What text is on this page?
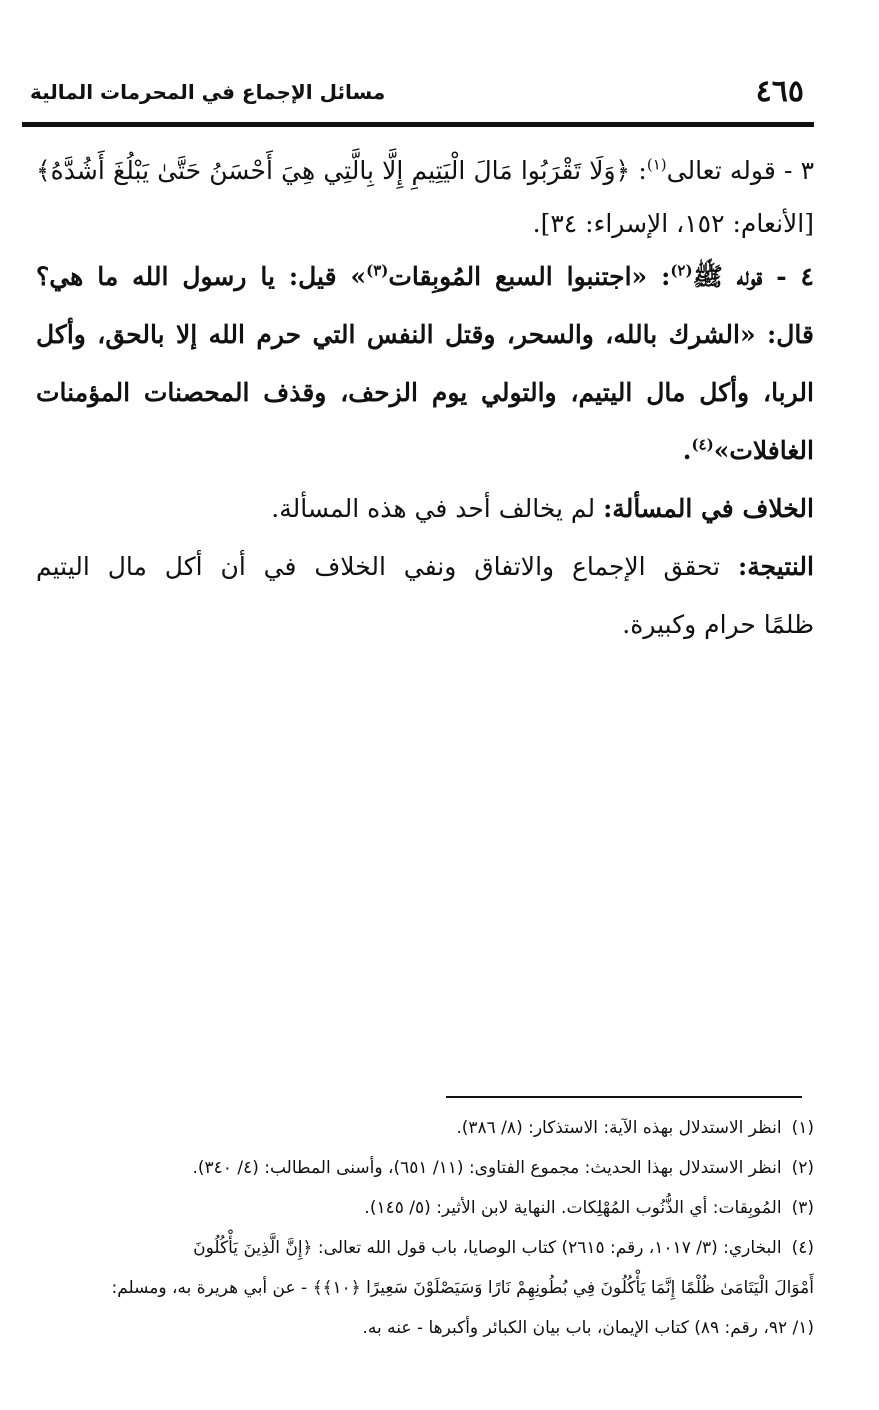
٤٦٥
مسائل الإجماع في المحرمات المالية
٣ - قوله تعالى$^{(١)}$: ﴿وَلَا تَقْرَبُوا مَالَ الْيَتِيمِ إِلَّا بِالَّتِي هِيَ أَحْسَنُ حَتَّىٰ يَبْلُغَ أَشُدَّهُ﴾
[الأنعام: ١٥٢، الإسراء: ٣٤].
٤ - قوله ﷺ$^{(٢)}$: «اجتنبوا السبع المُوبِقات$^{(٣)}$» قيل: يا رسول الله ما هي؟
قال: «الشرك بالله، والسحر، وقتل النفس التي حرم الله إلا بالحق، وأكل
الربا، وأكل مال اليتيم، والتولي يوم الزحف، وقذف المحصنات المؤمنات
الغافلات»$^{(٤)}$.
الخلاف في المسألة: لم يخالف أحد في هذه المسألة.
النتيجة: تحقق الإجماع والاتفاق ونفي الخلاف في أن أكل مال اليتيم
ظلمًا حرام وكبيرة.
(١)انظر الاستدلال بهذه الآية: الاستذكار: (٨/ ٣٨٦).
(٢)انظر الاستدلال بهذا الحديث: مجموع الفتاوى: (١١/ ٦٥١)، وأسنى المطالب: (٤/ ٣٤٠).
(٣)المُوبِقات: أي الذُّنُوب المُهْلِكات. النهاية لابن الأثير: (٥/ ١٤٥).
(٤)البخاري: (٣/ ١٠١٧، رقم: ٢٦١٥) كتاب الوصايا، باب قول الله تعالى: ﴿إِنَّ الَّذِينَ يَأْكُلُونَ
أَمْوَالَ الْيَتَامَىٰ ظُلْمًا إِنَّمَا يَأْكُلُونَ فِي بُطُونِهِمْ نَارًا وَسَيَصْلَوْنَ سَعِيرًا ﴿١٠﴾﴾ - عن أبي هريرة به، ومسلم:
(١/ ٩٢، رقم: ٨٩) كتاب الإيمان، باب بيان الكبائر وأكبرها - عنه به.
